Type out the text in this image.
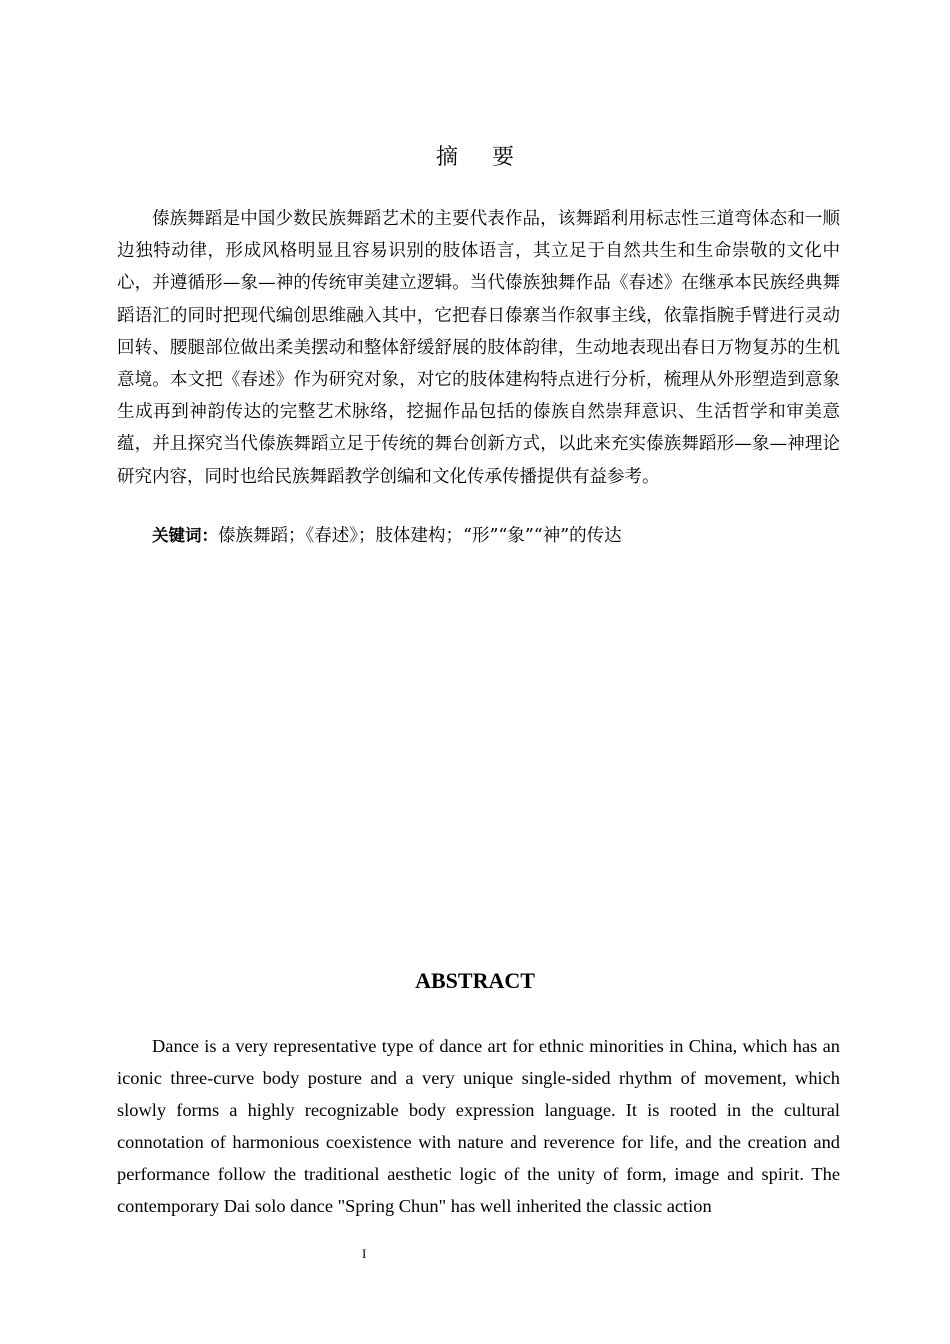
摘要

傣族舞蹈是中国少数民族舞蹈艺术的主要代表作品，该舞蹈利用标志性三道弯体态和一顺边独特动律，形成风格明显且容易识别的肢体语言，其立足于自然共生和生命崇敬的文化中心，并遵循形—象—神的传统审美建立逻辑。当代傣族独舞作品《春述》在继承本民族经典舞蹈语汇的同时把现代编创思维融入其中，它把春日傣寨当作叙事主线，依靠指腕手臂进行灵动回转、腰腿部位做出柔美摆动和整体舒缓舒展的肢体韵律，生动地表现出春日万物复苏的生机意境。本文把《春述》作为研究对象，对它的肢体建构特点进行分析，梳理从外形塑造到意象生成再到神韵传达的完整艺术脉络，挖掘作品包括的傣族自然崇拜意识、生活哲学和审美意蕴，并且探究当代傣族舞蹈立足于传统的舞台创新方式，以此来充实傣族舞蹈形—象—神理论研究内容，同时也给民族舞蹈教学创编和文化传承传播提供有益参考。

关键词：傣族舞蹈；《春述》；肢体建构；“形”“象”“神”的传达
ABSTRACT

Dance is a very representative type of dance art for ethnic minorities in China, which has an iconic three-curve body posture and a very unique single-sided rhythm of movement, which slowly forms a highly recognizable body expression language. It is rooted in the cultural connotation of harmonious coexistence with nature and reverence for life, and the creation and performance follow the traditional aesthetic logic of the unity of form, image and spirit. The contemporary Dai solo dance "Spring Chun" has well inherited the classic action

I
